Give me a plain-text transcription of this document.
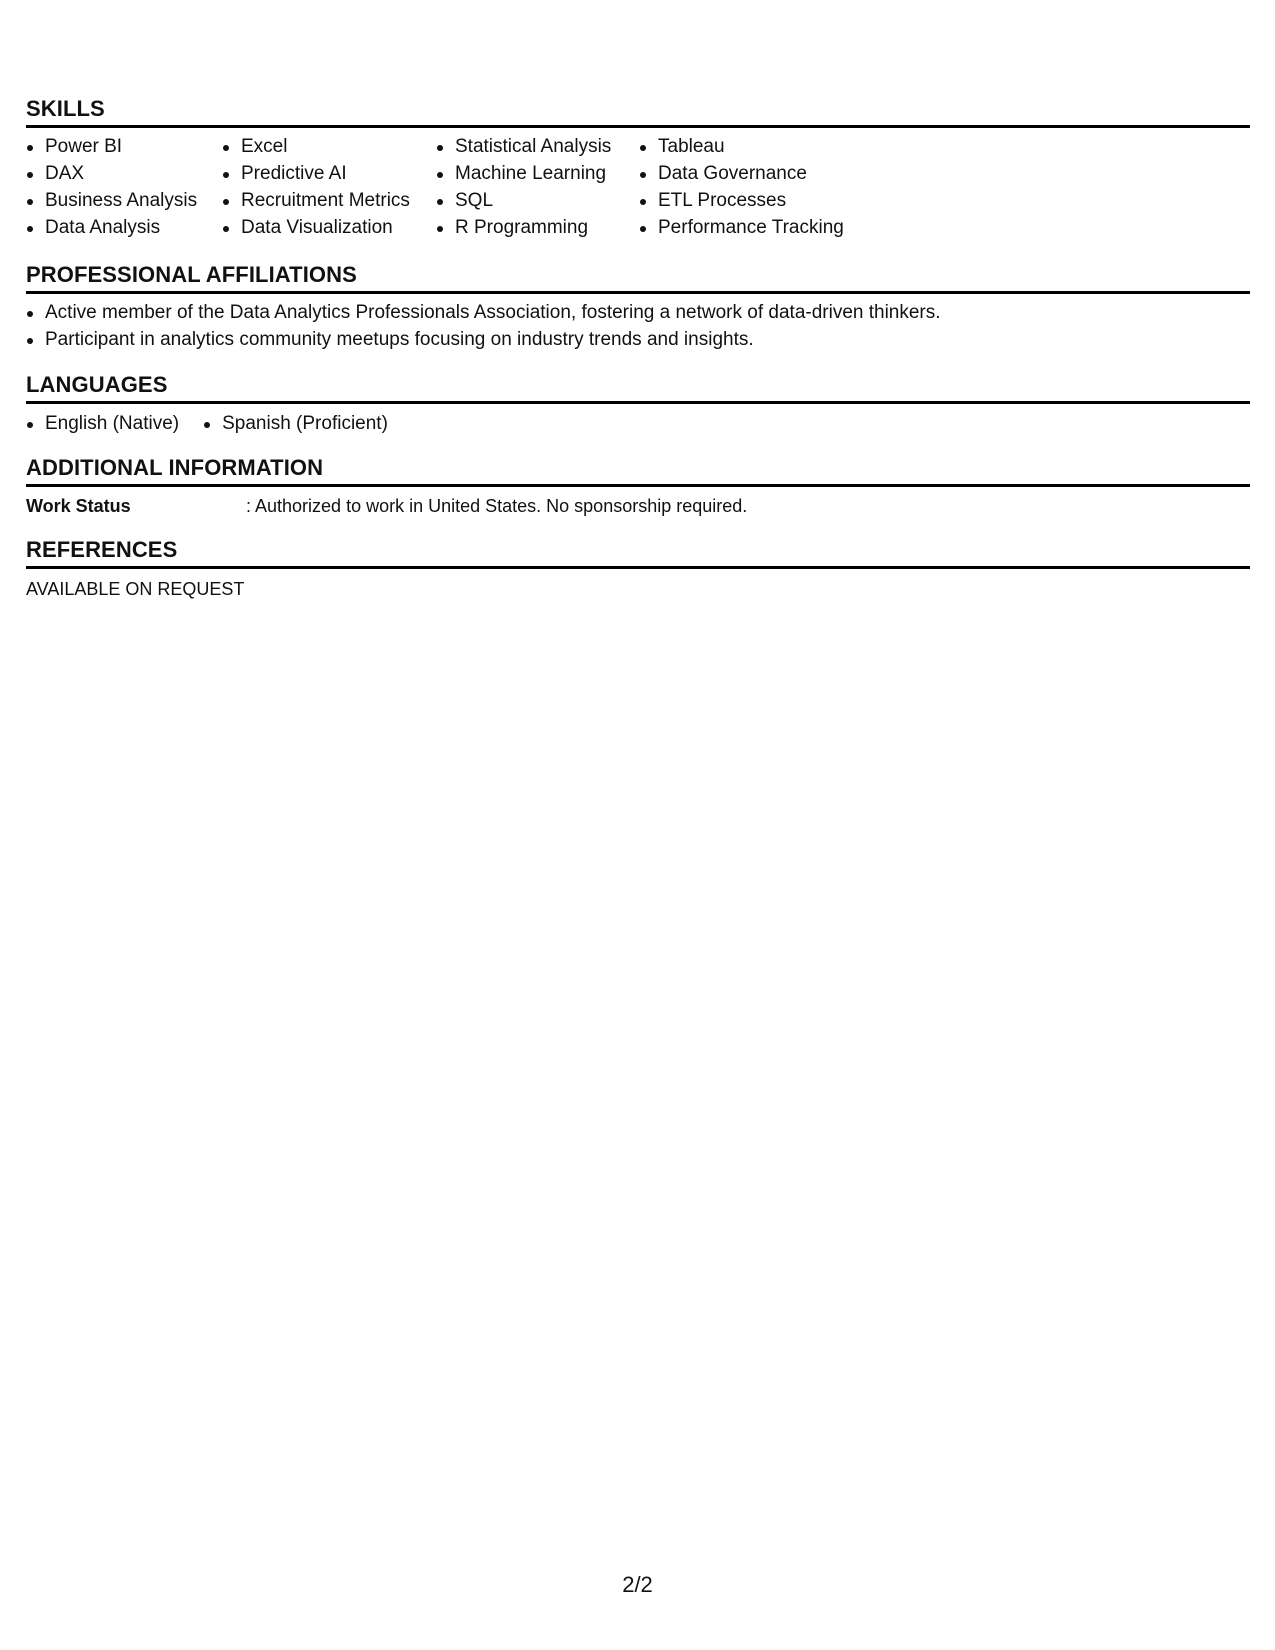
SKILLS
Power BI
DAX
Business Analysis
Data Analysis
Excel
Predictive AI
Recruitment Metrics
Data Visualization
Statistical Analysis
Machine Learning
SQL
R Programming
Tableau
Data Governance
ETL Processes
Performance Tracking
PROFESSIONAL AFFILIATIONS
Active member of the Data Analytics Professionals Association, fostering a network of data-driven thinkers.
Participant in analytics community meetups focusing on industry trends and insights.
LANGUAGES
English (Native)	Spanish (Proficient)
ADDITIONAL INFORMATION
Work Status	: Authorized to work in United States. No sponsorship required.
REFERENCES
AVAILABLE ON REQUEST
2/2
